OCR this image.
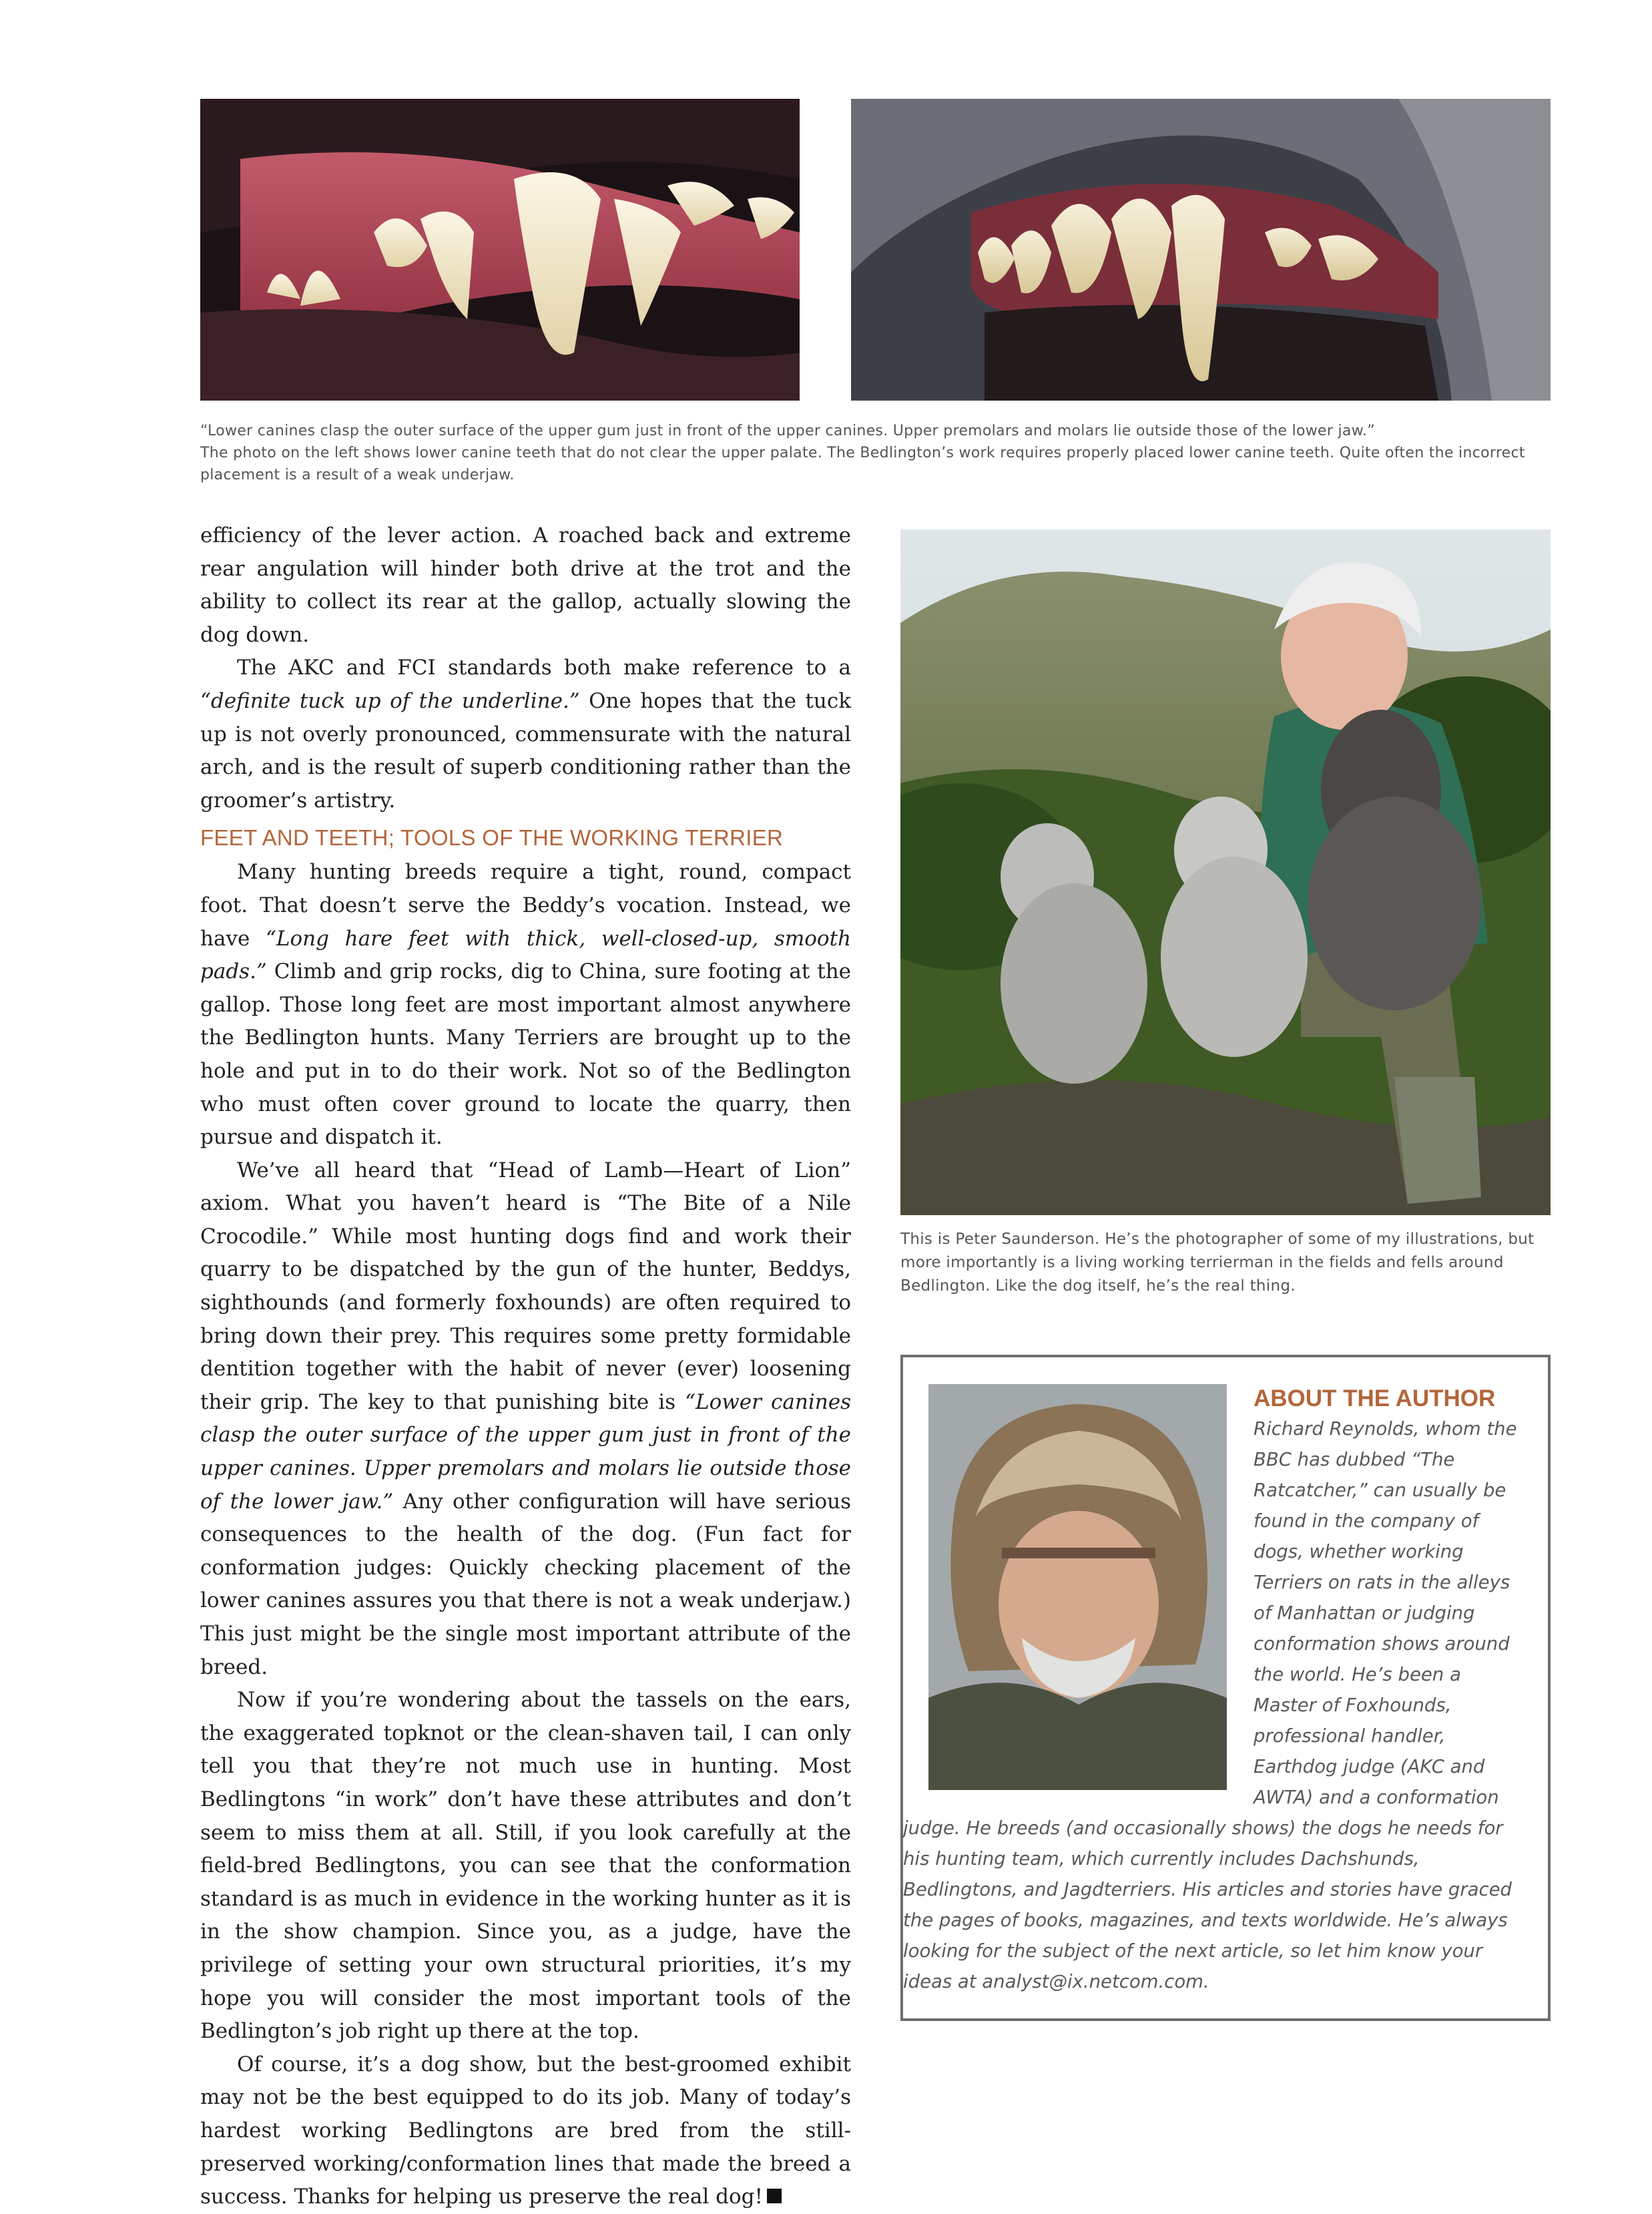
“Lower canines clasp the outer surface of the upper gum just in front of the upper canines. Upper premolars and molars lie outside those of the lower jaw.”
The photo on the left shows lower canine teeth that do not clear the upper palate. The Bedlington’s work requires properly placed lower canine teeth. Quite often the incorrect placement is a result of a weak underjaw.

efficiency of the lever action. A roached back and extreme rear angulation will hinder both drive at the trot and the ability to collect its rear at the gallop, actually slowing the dog down.

The AKC and FCI standards both make reference to a “definite tuck up of the underline.” One hopes that the tuck up is not overly pronounced, commensurate with the natural arch, and is the result of superb conditioning rather than the groomer’s artistry.

FEET AND TEETH; TOOLS OF THE WORKING TERRIER

Many hunting breeds require a tight, round, compact foot. That doesn’t serve the Beddy’s vocation. Instead, we have “Long hare feet with thick, well-closed-up, smooth pads.” Climb and grip rocks, dig to China, sure footing at the gallop. Those long feet are most important almost anywhere the Bedlington hunts. Many Terriers are brought up to the hole and put in to do their work. Not so of the Bedlington who must often cover ground to locate the quarry, then pursue and dispatch it.

We’ve all heard that “Head of Lamb—Heart of Lion” axiom. What you haven’t heard is “The Bite of a Nile Crocodile.” While most hunting dogs find and work their quarry to be dispatched by the gun of the hunter, Beddys, sighthounds (and formerly foxhounds) are often required to bring down their prey. This requires some pretty formidable dentition together with the habit of never (ever) loosening their grip. The key to that punishing bite is “Lower canines clasp the outer surface of the upper gum just in front of the upper canines. Upper premolars and molars lie outside those of the lower jaw.” Any other configuration will have serious consequences to the health of the dog. (Fun fact for conformation judges: Quickly checking placement of the lower canines assures you that there is not a weak underjaw.) This just might be the single most important attribute of the breed.

Now if you’re wondering about the tassels on the ears, the exaggerated topknot or the clean-shaven tail, I can only tell you that they’re not much use in hunting. Most Bedlingtons “in work” don’t have these attributes and don’t seem to miss them at all. Still, if you look carefully at the field-bred Bedlingtons, you can see that the conformation standard is as much in evidence in the working hunter as it is in the show champion. Since you, as a judge, have the privilege of setting your own structural priorities, it’s my hope you will consider the most important tools of the Bedlington’s job right up there at the top.

Of course, it’s a dog show, but the best-groomed exhibit may not be the best equipped to do its job. Many of today’s hardest working Bedlingtons are bred from the still-preserved working/conformation lines that made the breed a success. Thanks for helping us preserve the real dog!

This is Peter Saunderson. He’s the photographer of some of my illustrations, but more importantly is a living working terrierman in the fields and fells around Bedlington. Like the dog itself, he’s the real thing.
ABOUT THE AUTHOR

Richard Reynolds, whom the BBC has dubbed “The Ratcatcher,” can usually be found in the company of dogs, whether working Terriers on rats in the alleys of Manhattan or judging conformation shows around the world. He’s been a Master of Foxhounds, professional handler, Earthdog judge (AKC and AWTA) and a conformation judge. He breeds (and occasionally shows) the dogs he needs for his hunting team, which currently includes Dachshunds, Bedlingtons, and Jagdterriers. His articles and stories have graced the pages of books, magazines, and texts worldwide. He’s always looking for the subject of the next article, so let him know your ideas at analyst@ix.netcom.com.
